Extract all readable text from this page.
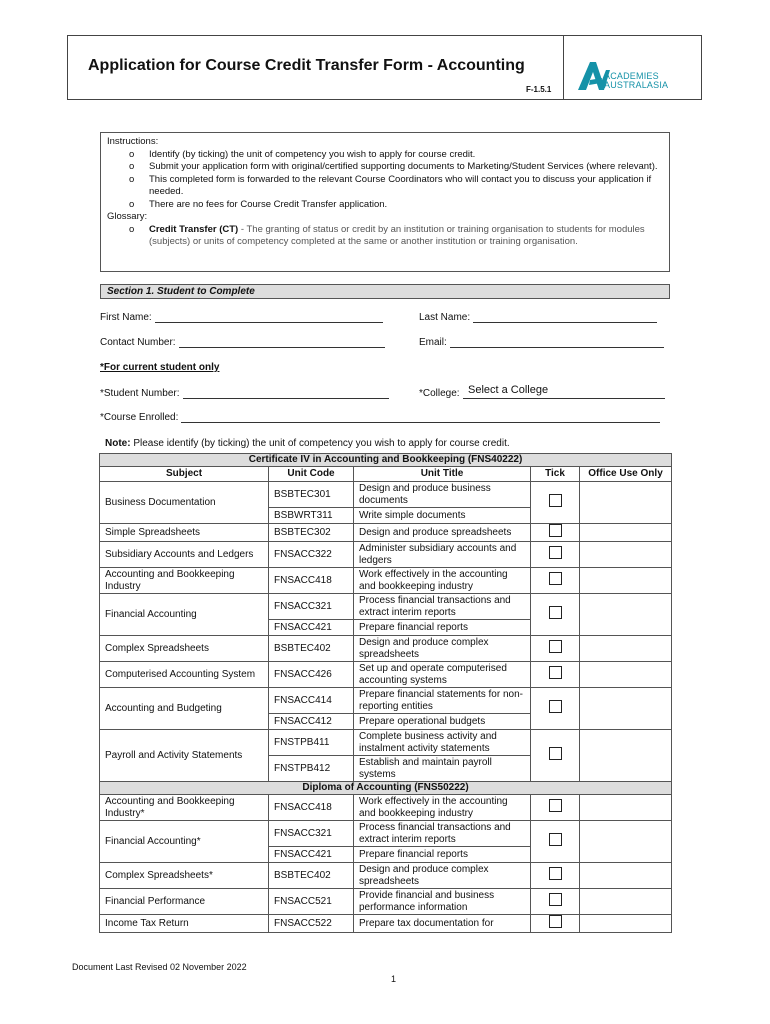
Application for Course Credit Transfer Form - Accounting
F-1.5.1
ACADEMIES
AUSTRALASIA
Instructions:
o Identify (by ticking) the unit of competency you wish to apply for course credit.
o Submit your application form with original/certified supporting documents to Marketing/Student Services (where relevant).
o This completed form is forwarded to the relevant Course Coordinators who will contact you to discuss your application if needed.
o There are no fees for Course Credit Transfer application.
Glossary:
o Credit Transfer (CT) - The granting of status or credit by an institution or training organisation to students for modules (subjects) or units of competency completed at the same or another institution or training organisation.
Section 1. Student to Complete
First Name:	Last Name:
Contact Number:	Email:
*For current student only
*Student Number:	*College: Select a College
*Course Enrolled:
Note: Please identify (by ticking) the unit of competency you wish to apply for course credit.
Certificate IV in Accounting and Bookkeeping (FNS40222)				
Subject	Unit Code	Unit Title	Tick	Office Use Only
Business Documentation	BSBTEC301	Design and produce business documents		
	BSBWRT311	Write simple documents		
Simple Spreadsheets	BSBTEC302	Design and produce spreadsheets		
Subsidiary Accounts and Ledgers	FNSACC322	Administer subsidiary accounts and ledgers		
Accounting and Bookkeeping Industry	FNSACC418	Work effectively in the accounting and bookkeeping industry		
Financial Accounting	FNSACC321	Process financial transactions and extract interim reports		
	FNSACC421	Prepare financial reports		
Complex Spreadsheets	BSBTEC402	Design and produce complex spreadsheets		
Computerised Accounting System	FNSACC426	Set up and operate computerised accounting systems		
Accounting and Budgeting	FNSACC414	Prepare financial statements for non-reporting entities		
	FNSACC412	Prepare operational budgets		
Payroll and Activity Statements	FNSTPB411	Complete business activity and instalment activity statements		
	FNSTPB412	Establish and maintain payroll systems		
Diploma of Accounting (FNS50222)				
Accounting and Bookkeeping Industry*	FNSACC418	Work effectively in the accounting and bookkeeping industry		
Financial Accounting*	FNSACC321	Process financial transactions and extract interim reports		
	FNSACC421	Prepare financial reports		
Complex Spreadsheets*	BSBTEC402	Design and produce complex spreadsheets		
Financial Performance	FNSACC521	Provide financial and business performance information		
Income Tax Return	FNSACC522	Prepare tax documentation for		
Document Last Revised 02 November 2022
1
